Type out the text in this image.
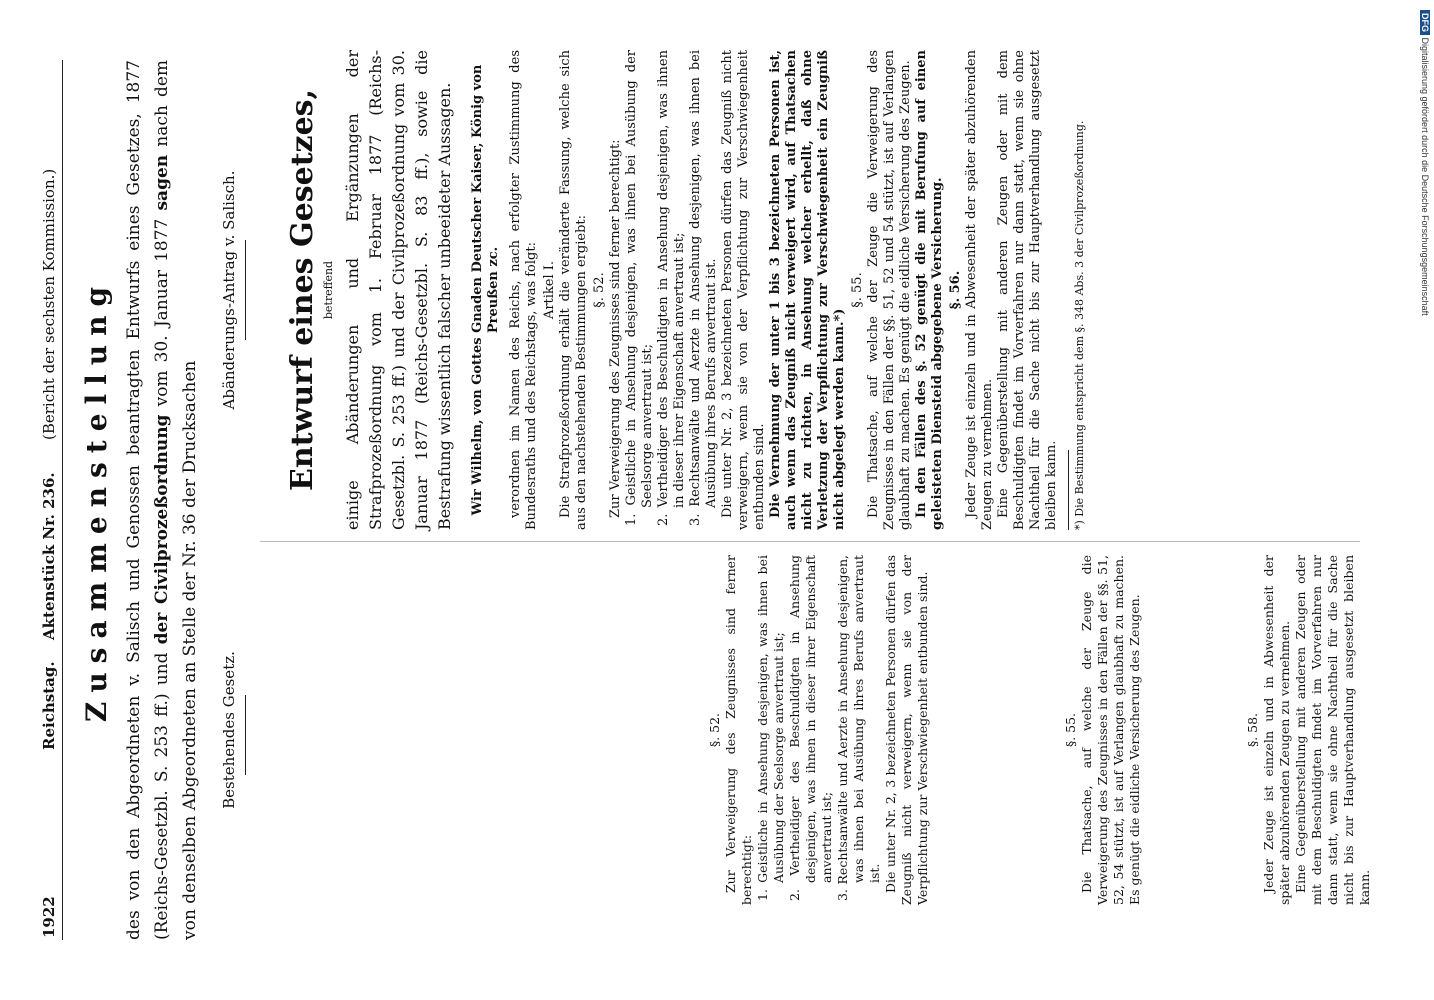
1922
Reichstag.
Aktenstück Nr. 236.
(Bericht der sechsten Kommission.) Zusammenstellung des von den Abgeordneten v. Salisch und Genossen beantragten Entwurfs eines Gesetzes, 1877 (Reichs-Gesetzbl. S. 253 ff.) und der Civilprozeßordnung vom 30. Januar 1877 sagen nach dem von denselben Abgeordneten an Stelle der Nr. 36 der Drucksachen Bestehendes Gesetz.
Abänderungs-Antrag v. Salisch.

§. 52. Zur Verweigerung des Zeugnisses sind ferner berechtigt: 1. Geistliche in Ansehung desjenigen, was ihnen bei Ausübung der Seelsorge anvertraut ist; 2. Vertheidiger des Beschuldigten in Ansehung desjenigen, was ihnen in dieser ihrer Eigenschaft anvertraut ist; 3. Rechtsanwälte und Aerzte in Ansehung desjenigen, was ihnen bei Ausübung ihres Berufs anvertraut ist. Die unter Nr. 2, 3 bezeichneten Personen dürfen das Zeugniß nicht verweigern, wenn sie von der Verpflichtung zur Verschwiegenheit entbunden sind.	§. 55. Die Thatsache, auf welche der Zeuge die Verweigerung des Zeugnisses in den Fällen der §§. 51, 52, 54 stützt, ist auf Verlangen glaubhaft zu machen. Es genügt die eidliche Versicherung des Zeugen.	§. 58. Jeder Zeuge ist einzeln und in Abwesenheit der später abzuhörenden Zeugen zu vernehmen. Eine Gegenüberstellung mit anderen Zeugen oder mit dem Beschuldigten findet im Vorverfahren nur dann statt, wenn sie ohne Nachtheil für die Sache nicht bis zur Hauptverhandlung ausgesetzt bleiben kann.

Entwurf eines Gesetzes, betreffend einige Abänderungen und Ergänzungen der Strafprozeßordnung vom 1. Februar 1877 (Reichs-Gesetzbl. S. 253 ff.) und der Civilprozeßordnung vom 30. Januar 1877 (Reichs-Gesetzbl. S. 83 ff.), sowie die Bestrafung wissentlich falscher unbeeideter Aussagen. Wir Wilhelm, von Gottes Gnaden Deutscher Kaiser, König von Preußen zc. verordnen im Namen des Reichs, nach erfolgter Zustimmung des Bundesraths und des Reichstags, was folgt: Artikel I. Die Strafprozeßordnung erhält die veränderte Fassung, welche sich aus den nachstehenden Bestimmungen ergiebt: §. 52. Zur Verweigerung des Zeugnisses sind ferner berechtigt: 1. Geistliche in Ansehung desjenigen, was ihnen bei Ausübung der Seelsorge anvertraut ist; 2. Vertheidiger des Beschuldigten in Ansehung desjenigen, was ihnen in dieser ihrer Eigenschaft anvertraut ist; 3. Rechtsanwälte und Aerzte in Ansehung desjenigen, was ihnen bei Ausübung ihres Berufs anvertraut ist. Die unter Nr. 2, 3 bezeichneten Personen dürfen das Zeugniß nicht verweigern, wenn sie von der Verpflichtung zur Verschwiegenheit entbunden sind. Die Vernehmung der unter 1 bis 3 bezeichneten Personen ist, auch wenn das Zeugniß nicht verweigert wird, auf Thatsachen nicht zu richten, in Ansehung welcher erhellt, daß ohne Verletzung der Verpflichtung zur Verschwiegenheit ein Zeugniß nicht abgelegt werden kann.*)

§. 55. Die Thatsache, auf welche der Zeuge die Verweigerung des Zeugnisses in den Fällen der §§. 51, 52 und 54 stützt, ist auf Verlangen glaubhaft zu machen. Es genügt die eidliche Versicherung des Zeugen. In den Fällen des §. 52 genügt die mit Berufung auf einen geleisteten Diensteid abgegebene Versicherung. §. 56. Jeder Zeuge ist einzeln und in Abwesenheit der später abzuhörenden Zeugen zu vernehmen. Eine Gegenüberstellung mit anderen Zeugen oder mit dem Beschuldigten findet im Vorverfahren nur dann statt, wenn sie ohne Nachtheil für die Sache nicht bis zur Hauptverhandlung ausgesetzt bleiben kann. *) Die Bestimmung entspricht dem §. 348 Abs. 3 der Civilprozeßordnung.

DFG Digitalisierung gefördert durch die Deutsche Forschungsgemeinschaft
